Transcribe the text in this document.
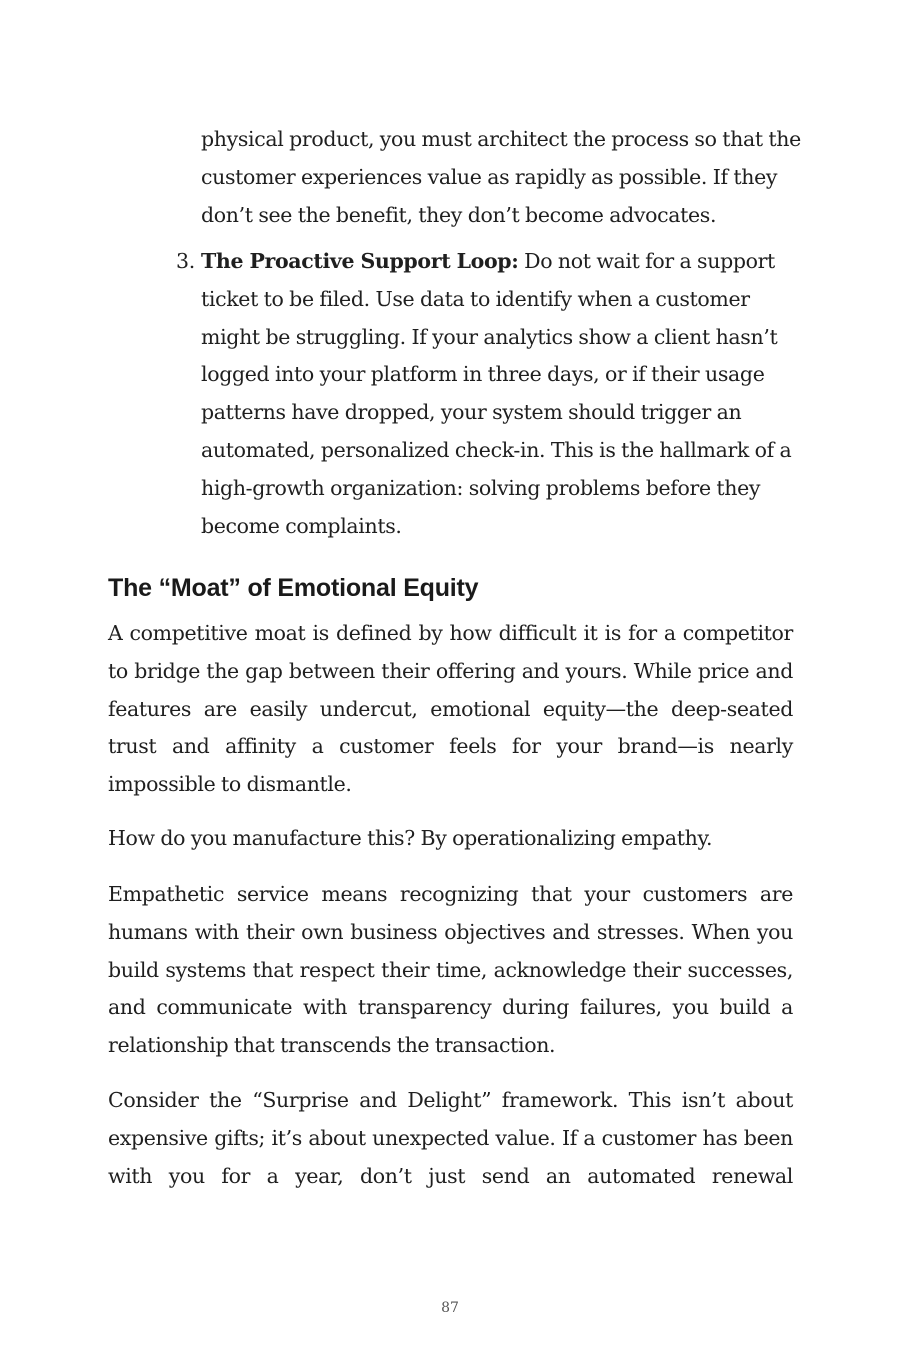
physical product, you must architect the process so that the customer experiences value as rapidly as possible. If they don’t see the benefit, they don’t become advocates.

3. The Proactive Support Loop: Do not wait for a support ticket to be filed. Use data to identify when a customer might be struggling. If your analytics show a client hasn’t logged into your platform in three days, or if their usage patterns have dropped, your system should trigger an automated, personalized check-in. This is the hallmark of a high-growth organization: solving problems before they become complaints.
The “Moat” of Emotional Equity

A competitive moat is defined by how difficult it is for a competitor to bridge the gap between their offering and yours. While price and features are easily undercut, emotional equity—the deep-seated trust and affinity a customer feels for your brand—is nearly impossible to dismantle.

How do you manufacture this? By operationalizing empathy.

Empathetic service means recognizing that your customers are humans with their own business objectives and stresses. When you build systems that respect their time, acknowledge their successes, and communicate with transparency during failures, you build a relationship that transcends the transaction.

Consider the “Surprise and Delight” framework. This isn’t about expensive gifts; it’s about unexpected value. If a customer has been with you for a year, don’t just send an automated renewal

87
